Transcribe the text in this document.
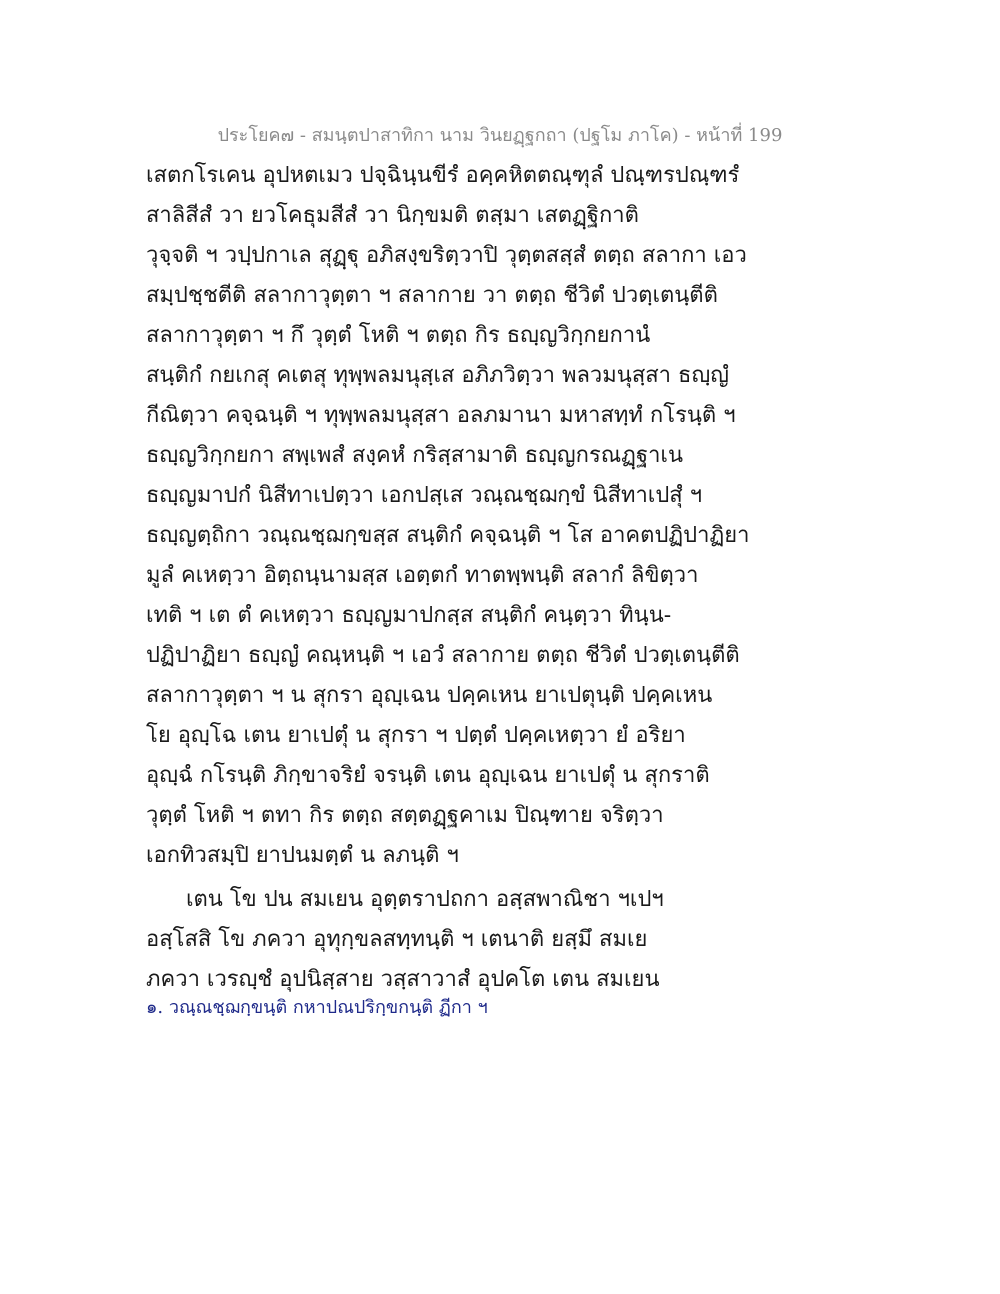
ประโยค๗ - สมนฺตปาสาทิกา นาม วินยฏฺฐกถา (ปฐโม ภาโค) - หน้าที่ 199
เสตกโรเคน อุปหตเมว ปจฺฉินฺนขีรํ อคฺคหิตตณฺฑุลํ ปณฺฑรปณฺฑรํ
สาลิสีสํ วา ยวโคธุมสีสํ วา นิกฺขมติ ตสฺมา เสตฏฺฐิกาติ
วุจฺจติ ฯ วปฺปกาเล สุฏฺฐุ อภิสงฺขริตฺวาปิ วุตฺตสสฺสํ ตตฺถ สลากา เอว
สมฺปชฺชตีติ สลากาวุตฺตา ฯ สลากาย วา ตตฺถ ชีวิตํ ปวตฺเตนฺตีติ
สลากาวุตฺตา ฯ กึ วุตฺตํ โหติ ฯ ตตฺถ กิร ธญฺญวิกฺกยกานํ
สนฺติกํ กยเกสุ คเตสุ ทุพฺพลมนุสฺเส อภิภวิตฺวา พลวมนุสฺสา ธญฺญํ
กีณิตฺวา คจฺฉนฺติ ฯ ทุพฺพลมนุสฺสา อลภมานา มหาสทฺทํ กโรนฺติ ฯ
ธญฺญวิกฺกยกา สพฺเพสํ สงฺคหํ กริสฺสามาติ ธญฺญกรณฏฺฐาเน
ธญฺญมาปกํ นิสีทาเปตฺวา เอกปสฺเส วณฺณชฺฌกฺขํ นิสีทาเปสุํ ฯ
ธญฺญตฺถิกา วณฺณชฺฌกฺขสฺส สนฺติกํ คจฺฉนฺติ ฯ โส อาคตปฏิปาฏิยา
มูลํ คเหตฺวา อิตฺถนฺนามสฺส เอตฺตกํ ทาตพฺพนฺติ สลากํ ลิขิตฺวา
เทติ ฯ เต ตํ คเหตฺวา ธญฺญมาปกสฺส สนฺติกํ คนฺตฺวา ทินฺน-
ปฏิปาฏิยา ธญฺญํ คณฺหนฺติ ฯ เอวํ สลากาย ตตฺถ ชีวิตํ ปวตฺเตนฺตีติ
สลากาวุตฺตา ฯ น สุกรา อุญฺเฉน ปคฺคเหน ยาเปตุนฺติ ปคฺคเหน
โย อุญฺโฉ เตน ยาเปตุํ น สุกรา ฯ ปตฺตํ ปคฺคเหตฺวา ยํ อริยา
อุญฺฉํ กโรนฺติ ภิกฺขาจริยํ จรนฺติ เตน อุญฺเฉน ยาเปตุํ น สุกราติ
วุตฺตํ โหติ ฯ ตทา กิร ตตฺถ สตฺตฏฺฐคาเม ปิณฺฑาย จริตฺวา
เอกทิวสมฺปิ ยาปนมตฺตํ น ลภนฺติ ฯ
เตน โข ปน สมเยน อุตฺตราปถกา อสฺสพาณิชา ฯเปฯ
อสฺโสสิ โข ภควา อุทุกฺขลสทฺทนฺติ ฯ เตนาติ ยสฺมึ สมเย
ภควา เวรญฺชํ อุปนิสฺสาย วสฺสาวาสํ อุปคโต เตน สมเยน
๑. วณฺณชฺฌกฺขนฺติ กหาปณปริกฺขกนฺติ ฏีกา ฯ
